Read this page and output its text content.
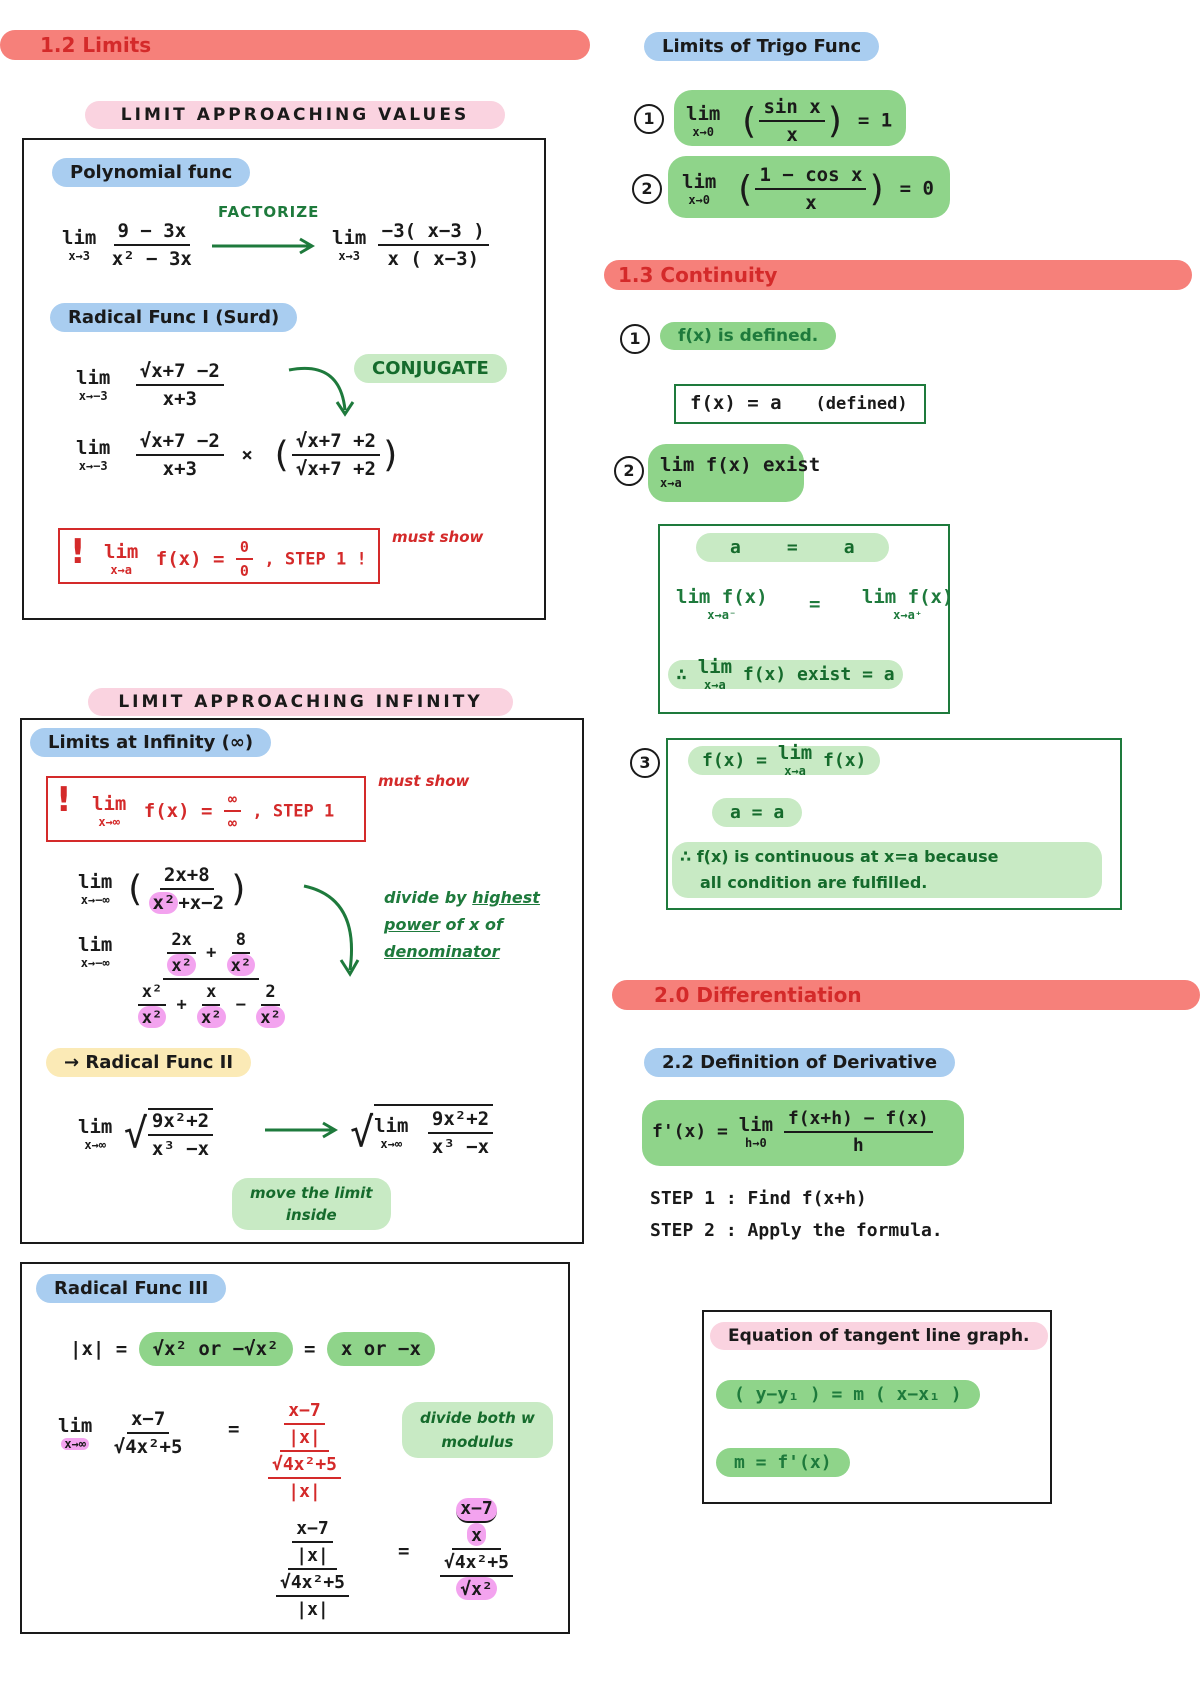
1.2 Limits
LIMIT APPROACHING VALUES
Polynomial func
lim
x→3
$\frac{9 - 3x}{\text{x² − 3x}}$
FACTORIZE
lim
x→3
$\frac{-3( x-3 )}{x ( x-3)}$
Radical Func I (Surd)
lim
x→−3
$\frac{√x+7 -2}{x+3}$	CONJUGATE
lim
x→−3
$\frac{√x+7 -2}{x+3}$ × ( $\frac{√x+7 +2}{√x+7 +2}$ )
! lim
x→a $f(x) = \frac{0}{0}$ , STEP 1 !
must show
LIMIT APPROACHING INFINITY
Limits at Infinity (∞)
! lim
x→∞ $f(x) = \frac{\infty}{\infty}$ , STEP 1
must show
lim
x→−∞ ( $\frac{2x+8}{\text{x² +x−2}}$ )
lim
x→−∞
$\frac{\frac{2x}{\text{x²}} + \frac{8}{\text{x²}}}{\frac{\text{x²}}{\text{x²}} + \frac{x}{\text{x²}} - \frac{2}{\text{x²}}}$
divide by highest
power of x of
denominator
→ Radical Func II
lim
x→∞ √ $\frac{\text{9x²+2}}{\text{x³ −x}}$	√ lim
x→∞
$\frac{\text{9x²+2}}{\text{x³ −x}}$
move the limit
inside
Radical Func III
|x| = √x² or −√x² = x or −x
lim
x→∞
$\frac{x-7}{\text{√4x²+5}} = \frac{\frac{x-7}{|x|}}{\frac{\text{√4x²+5}}{|x|}}$	divide both w
modulus
$\frac{\frac{x-7}{|x|}}{\frac{\text{√4x²+5}}{|x|}} = \frac{\frac{x-7}{x}}{\frac{\text{√4x²+5}}{\text{√x²}}}$
Limits of Trigo Func
1	lim
x→0 ( $\frac{\text{sin x}}{x}$ ) = 1
2	lim
x→0 ( $\frac{\text{1 − cos x}}{x}$ ) = 0
1.3 Continuity
1	f(x) is defined.
f(x) = a (defined)
2	lim f(x) exist
x→a
a	=	a
lim f(x)
x→a⁻	= lim f(x)
x→a⁺
∴ lim
x→a
f(x) exist = a
3	f(x) = lim
x→a
f(x)
a = a
∴ f(x) is continuous at x=a because
all condition are fulfilled.
2.0 Differentiation
2.2 Definition of Derivative
f'(x) = lim
h→0
$\frac{f(x+h) - f(x)}{h}$
STEP 1 : Find f(x+h)
STEP 2 : Apply the formula.
Equation of tangent line graph.
( y−y₁ ) = m ( x−x₁ )
m = f'(x)
